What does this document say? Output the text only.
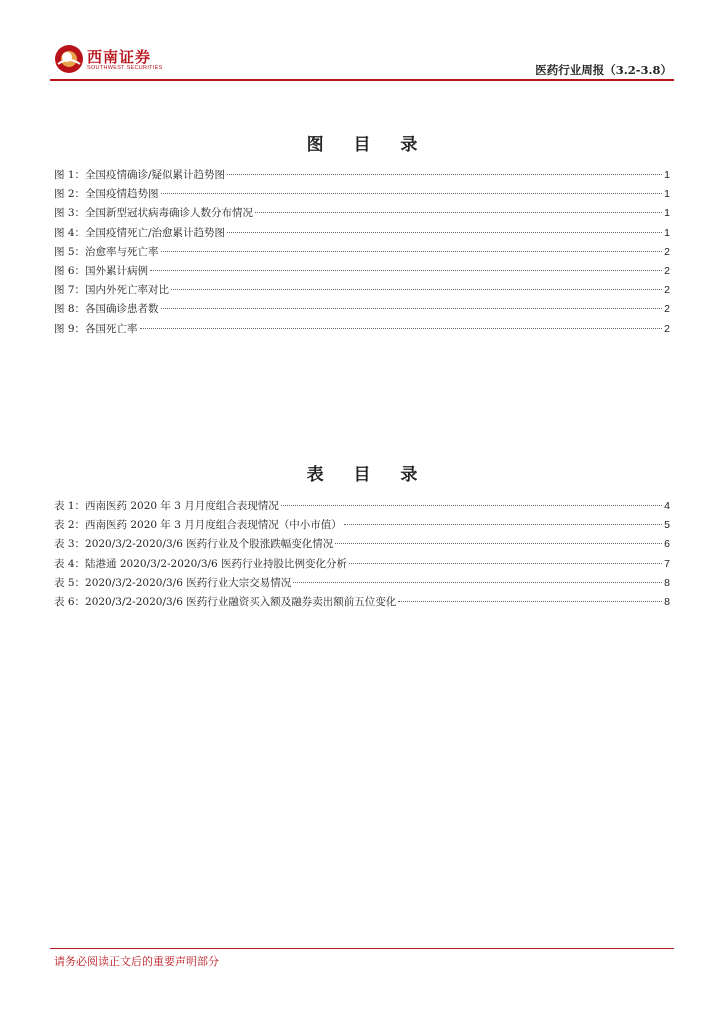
西南证券
SOUTHWEST SECURITIES	医药行业周报（3.2-3.8）
图 目 录
图 1：全国疫情确诊/疑似累计趋势图	1
图 2：全国疫情趋势图	1
图 3：全国新型冠状病毒确诊人数分布情况	1
图 4：全国疫情死亡/治愈累计趋势图	1
图 5：治愈率与死亡率	2
图 6：国外累计病例	2
图 7：国内外死亡率对比	2
图 8：各国确诊患者数	2
图 9：各国死亡率	2
表 目 录
表 1：西南医药 2020 年 3 月月度组合表现情况	4
表 2：西南医药 2020 年 3 月月度组合表现情况（中小市值）	5
表 3：2020/3/2-2020/3/6 医药行业及个股涨跌幅变化情况	6
表 4：陆港通 2020/3/2-2020/3/6 医药行业持股比例变化分析	7
表 5：2020/3/2-2020/3/6 医药行业大宗交易情况	8
表 6：2020/3/2-2020/3/6 医药行业融资买入额及融券卖出额前五位变化	8
请务必阅读正文后的重要声明部分
